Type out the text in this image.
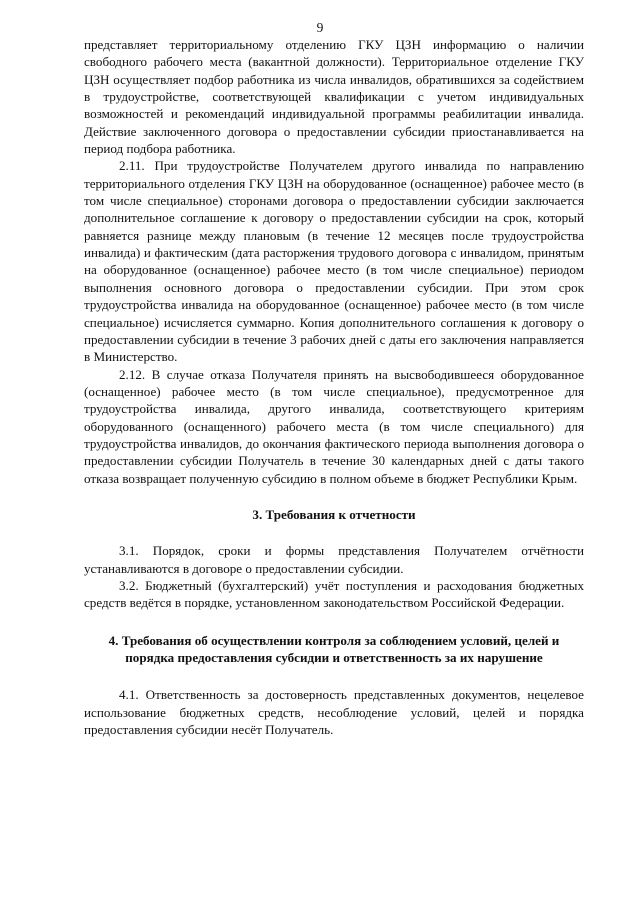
9

представляет территориальному отделению ГКУ ЦЗН информацию о наличии свободного рабочего места (вакантной должности). Территориальное отделение ГКУ ЦЗН осуществляет подбор работника из числа инвалидов, обратившихся за содействием в трудоустройстве, соответствующей квалификации с учетом индивидуальных возможностей и рекомендаций индивидуальной программы реабилитации инвалида. Действие заключенного договора о предоставлении субсидии приостанавливается на период подбора работника.

2.11. При трудоустройстве Получателем другого инвалида по направлению территориального отделения ГКУ ЦЗН на оборудованное (оснащенное) рабочее место (в том числе специальное) сторонами договора о предоставлении субсидии заключается дополнительное соглашение к договору о предоставлении субсидии на срок, который равняется разнице между плановым (в течение 12 месяцев после трудоустройства инвалида) и фактическим (дата расторжения трудового договора с инвалидом, принятым на оборудованное (оснащенное) рабочее место (в том числе специальное) периодом выполнения основного договора о предоставлении субсидии. При этом срок трудоустройства инвалида на оборудованное (оснащенное) рабочее место (в том числе специальное) исчисляется суммарно. Копия дополнительного соглашения к договору о предоставлении субсидии в течение 3 рабочих дней с даты его заключения направляется в Министерство.

2.12. В случае отказа Получателя принять на высвободившееся оборудованное (оснащенное) рабочее место (в том числе специальное), предусмотренное для трудоустройства инвалида, другого инвалида, соответствующего критериям оборудованного (оснащенного) рабочего места (в том числе специального) для трудоустройства инвалидов, до окончания фактического периода выполнения договора о предоставлении субсидии Получатель в течение 30 календарных дней с даты такого отказа возвращает полученную субсидию в полном объеме в бюджет Республики Крым.

3. Требования к отчетности

3.1. Порядок, сроки и формы представления Получателем отчётности устанавливаются в договоре о предоставлении субсидии.

3.2. Бюджетный (бухгалтерский) учёт поступления и расходования бюджетных средств ведётся в порядке, установленном законодательством Российской Федерации.

4. Требования об осуществлении контроля за соблюдением условий, целей и порядка предоставления субсидии и ответственность за их нарушение

4.1. Ответственность за достоверность представленных документов, нецелевое использование бюджетных средств, несоблюдение условий, целей и порядка предоставления субсидии несёт Получатель.
